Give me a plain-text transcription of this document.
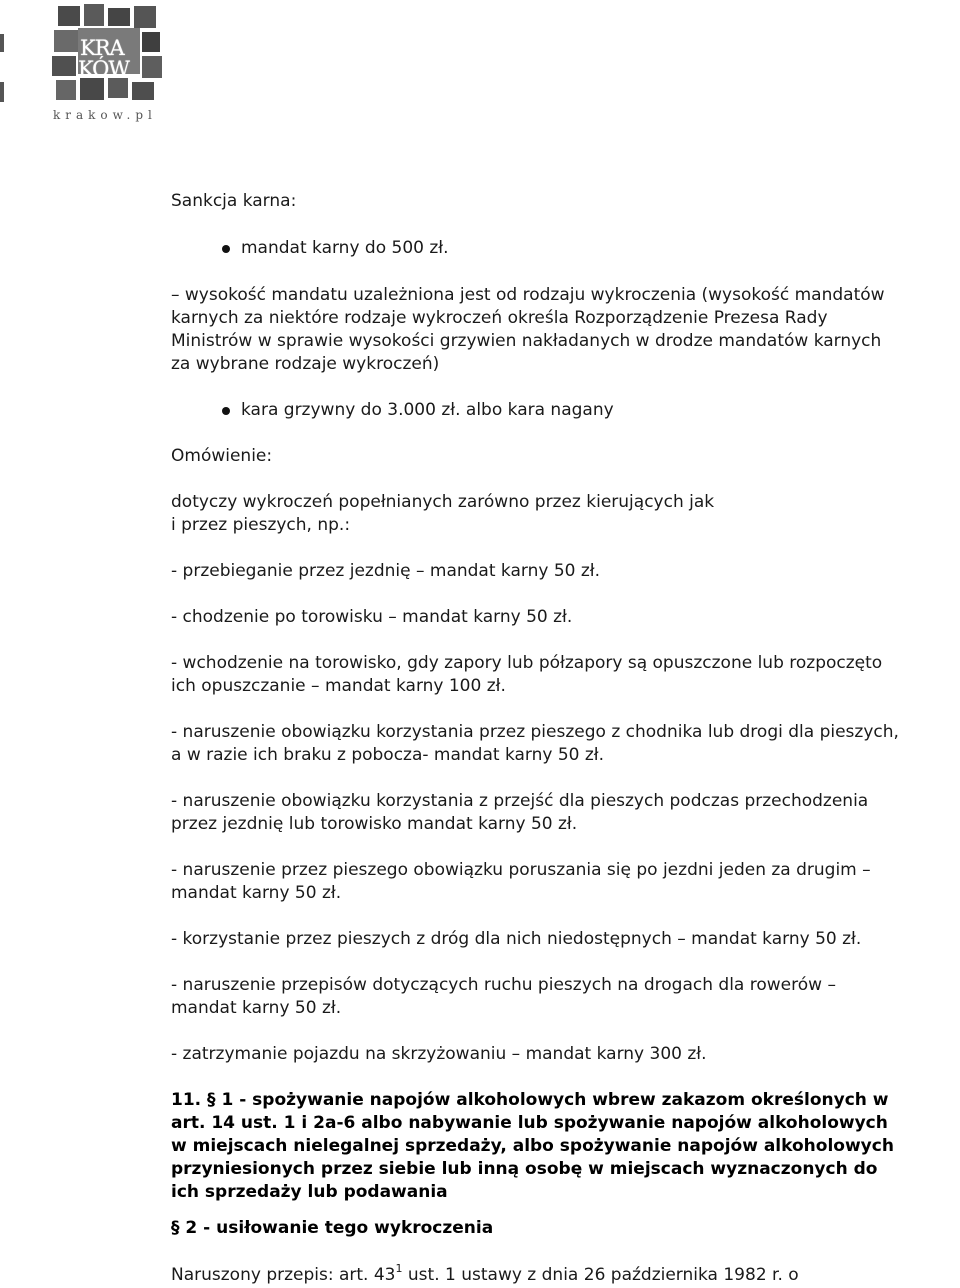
KRA
KÓW
krakow.pl

Sankcja karna:

mandat karny do 500 zł.

– wysokość mandatu uzależniona jest od rodzaju wykroczenia (wysokość mandatów

karnych za niektóre rodzaje wykroczeń określa Rozporządzenie Prezesa Rady

Ministrów w sprawie wysokości grzywien nakładanych w drodze mandatów karnych

za wybrane rodzaje wykroczeń)

kara grzywny do 3.000 zł. albo kara nagany

Omówienie:

dotyczy wykroczeń popełnianych zarówno przez kierujących jak

i przez pieszych, np.:

- przebieganie przez jezdnię – mandat karny 50 zł.

- chodzenie po torowisku – mandat karny 50 zł.

- wchodzenie na torowisko, gdy zapory lub półzapory są opuszczone lub rozpoczęto

ich opuszczanie – mandat karny 100 zł.

- naruszenie obowiązku korzystania przez pieszego z chodnika lub drogi dla pieszych,

a w razie ich braku z pobocza- mandat karny 50 zł.

- naruszenie obowiązku korzystania z przejść dla pieszych podczas przechodzenia

przez jezdnię lub torowisko mandat karny 50 zł.

- naruszenie przez pieszego obowiązku poruszania się po jezdni jeden za drugim –

mandat karny 50 zł.

- korzystanie przez pieszych z dróg dla nich niedostępnych – mandat karny 50 zł.

- naruszenie przepisów dotyczących ruchu pieszych na drogach dla rowerów –

mandat karny 50 zł.

- zatrzymanie pojazdu na skrzyżowaniu – mandat karny 300 zł.

11. § 1 - spożywanie napojów alkoholowych wbrew zakazom określonych w

art. 14 ust. 1 i 2a-6 albo nabywanie lub spożywanie napojów alkoholowych

w miejscach nielegalnej sprzedaży, albo spożywanie napojów alkoholowych

przyniesionych przez siebie lub inną osobę w miejscach wyznaczonych do

ich sprzedaży lub podawania

§ 2 - usiłowanie tego wykroczenia

Naruszony przepis: art. $43^1$ ust. 1 ustawy z dnia 26 października 1982 r. o
